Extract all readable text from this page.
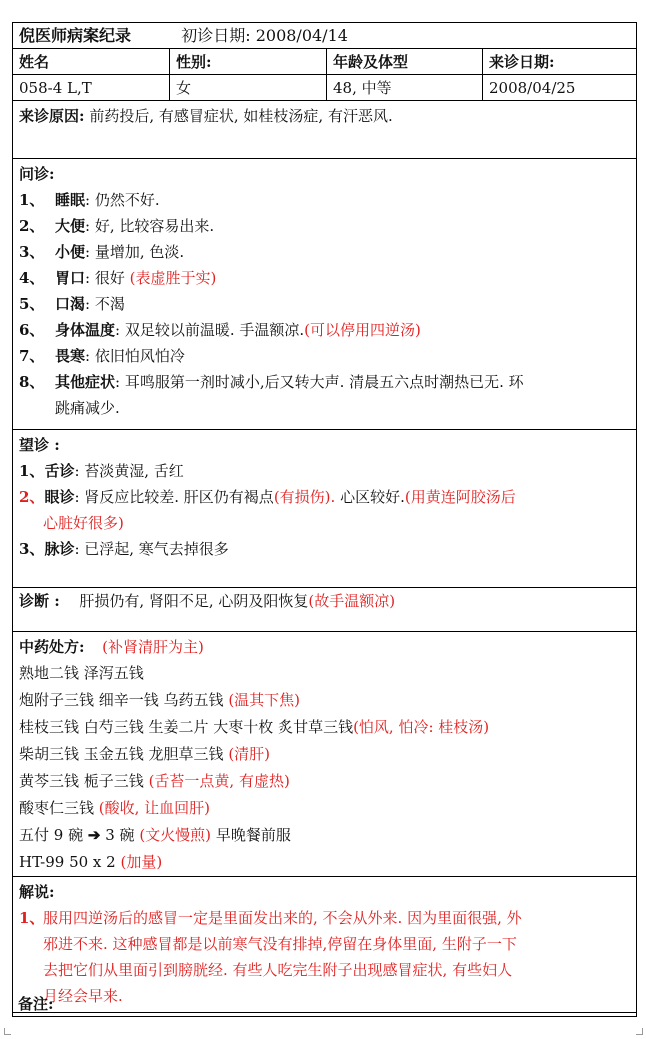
倪医师病案纪录	初诊日期: 2008/04/14
姓名	性别:	年龄及体型	来诊日期:
058-4 L,T	女	48, 中等	2008/04/25
来诊原因: 前药投后, 有感冒症状, 如桂枝汤症, 有汗恶风.
问诊:
1、 睡眠: 仍然不好.
2、 大便: 好, 比较容易出来.
3、 小便: 量增加, 色淡.
4、 胃口: 很好 (表虚胜于实)
5、 口渴: 不渴
6、 身体温度: 双足较以前温暖. 手温额凉.(可以停用四逆汤)
7、 畏寒: 依旧怕风怕冷
8、 其他症状: 耳鸣服第一剂时减小,后又转大声. 清晨五六点时潮热已无. 环
跳痛减少.
望诊 :
1、舌诊: 苔淡黄湿, 舌红
2、眼诊: 肾反应比较差. 肝区仍有褐点(有损伤). 心区较好.(用黄连阿胶汤后
心脏好很多)
3、脉诊: 已浮起, 寒气去掉很多
诊断 : 肝损仍有, 肾阳不足, 心阴及阳恢复(故手温额凉)
中药处方: (补肾清肝为主)
熟地二钱 泽泻五钱
炮附子三钱 细辛一钱 乌药五钱 (温其下焦)
桂枝三钱 白芍三钱 生姜二片 大枣十枚 炙甘草三钱(怕风, 怕冷: 桂枝汤)
柴胡三钱 玉金五钱 龙胆草三钱 (清肝)
黄芩三钱 栀子三钱 (舌苔一点黄, 有虚热)
酸枣仁三钱 (酸收, 让血回肝)
五付 9 碗 ➔ 3 碗 (文火慢煎) 早晚餐前服
HT-99 50 x 2 (加量)
解说:
1、服用四逆汤后的感冒一定是里面发出来的, 不会从外来. 因为里面很强, 外
邪进不来. 这种感冒都是以前寒气没有排掉,停留在身体里面, 生附子一下
去把它们从里面引到膀胱经. 有些人吃完生附子出现感冒症状, 有些妇人
月经会早来.
备注:
